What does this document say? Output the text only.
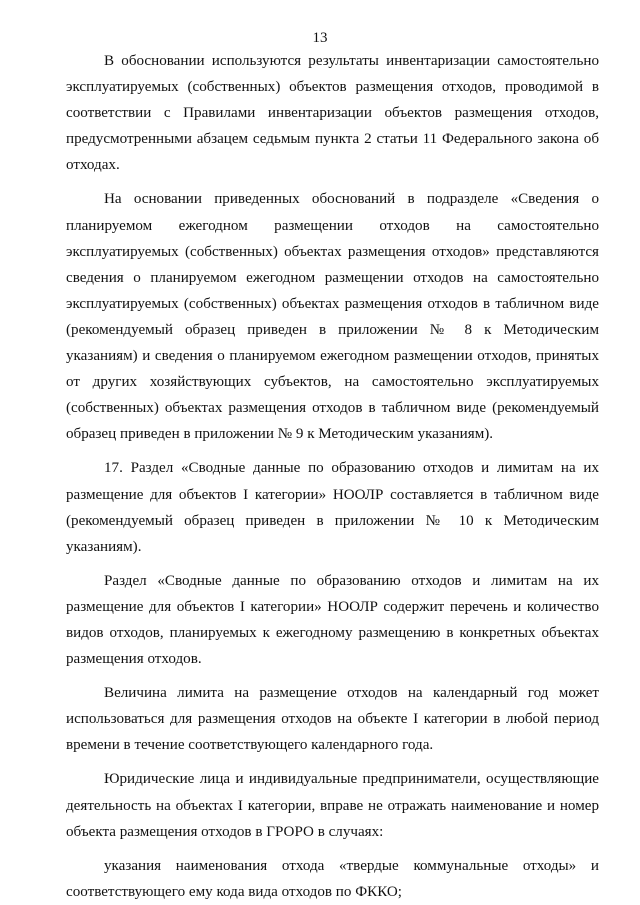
13

В обосновании используются результаты инвентаризации самостоятельно эксплуатируемых (собственных) объектов размещения отходов, проводимой в соответствии с Правилами инвентаризации объектов размещения отходов, предусмотренными абзацем седьмым пункта 2 статьи 11 Федерального закона об отходах.

На основании приведенных обоснований в подразделе «Сведения о планируемом ежегодном размещении отходов на самостоятельно эксплуатируемых (собственных) объектах размещения отходов» представляются сведения о планируемом ежегодном размещении отходов на самостоятельно эксплуатируемых (собственных) объектах размещения отходов в табличном виде (рекомендуемый образец приведен в приложении № 8 к Методическим указаниям) и сведения о планируемом ежегодном размещении отходов, принятых от других хозяйствующих субъектов, на самостоятельно эксплуатируемых (собственных) объектах размещения отходов в табличном виде (рекомендуемый образец приведен в приложении № 9 к Методическим указаниям).

17. Раздел «Сводные данные по образованию отходов и лимитам на их размещение для объектов I категории» НООЛР составляется в табличном виде (рекомендуемый образец приведен в приложении № 10 к Методическим указаниям).

Раздел «Сводные данные по образованию отходов и лимитам на их размещение для объектов I категории» НООЛР содержит перечень и количество видов отходов, планируемых к ежегодному размещению в конкретных объектах размещения отходов.

Величина лимита на размещение отходов на календарный год может использоваться для размещения отходов на объекте I категории в любой период времени в течение соответствующего календарного года.

Юридические лица и индивидуальные предприниматели, осуществляющие деятельность на объектах I категории, вправе не отражать наименование и номер объекта размещения отходов в ГРОРО в случаях:

указания наименования отхода «твердые коммунальные отходы» и соответствующего ему кода вида отходов по ФККО;
